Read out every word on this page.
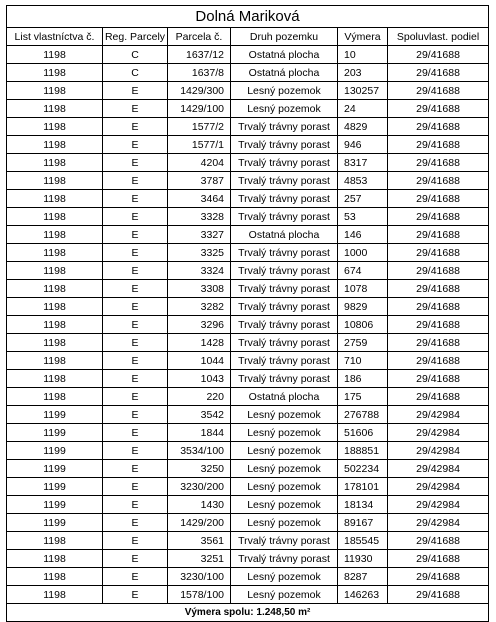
Dolná Mariková					
List vlastníctva č.	Reg. Parcely	Parcela č.	Druh pozemku	Výmera	Spoluvlast. podiel
1198	C	1637/12	Ostatná plocha	10	29/41688
1198	C	1637/8	Ostatná plocha	203	29/41688
1198	E	1429/300	Lesný pozemok	130257	29/41688
1198	E	1429/100	Lesný pozemok	24	29/41688
1198	E	1577/2	Trvalý trávny porast	4829	29/41688
1198	E	1577/1	Trvalý trávny porast	946	29/41688
1198	E	4204	Trvalý trávny porast	8317	29/41688
1198	E	3787	Trvalý trávny porast	4853	29/41688
1198	E	3464	Trvalý trávny porast	257	29/41688
1198	E	3328	Trvalý trávny porast	53	29/41688
1198	E	3327	Ostatná plocha	146	29/41688
1198	E	3325	Trvalý trávny porast	1000	29/41688
1198	E	3324	Trvalý trávny porast	674	29/41688
1198	E	3308	Trvalý trávny porast	1078	29/41688
1198	E	3282	Trvalý trávny porast	9829	29/41688
1198	E	3296	Trvalý trávny porast	10806	29/41688
1198	E	1428	Trvalý trávny porast	2759	29/41688
1198	E	1044	Trvalý trávny porast	710	29/41688
1198	E	1043	Trvalý trávny porast	186	29/41688
1198	E	220	Ostatná plocha	175	29/41688
1199	E	3542	Lesný pozemok	276788	29/42984
1199	E	1844	Lesný pozemok	51606	29/42984
1199	E	3534/100	Lesný pozemok	188851	29/42984
1199	E	3250	Lesný pozemok	502234	29/42984
1199	E	3230/200	Lesný pozemok	178101	29/42984
1199	E	1430	Lesný pozemok	18134	29/42984
1199	E	1429/200	Lesný pozemok	89167	29/42984
1198	E	3561	Trvalý trávny porast	185545	29/41688
1198	E	3251	Trvalý trávny porast	11930	29/41688
1198	E	3230/100	Lesný pozemok	8287	29/41688
1198	E	1578/100	Lesný pozemok	146263	29/41688
Výmera spolu: 1.248,50 m²					
